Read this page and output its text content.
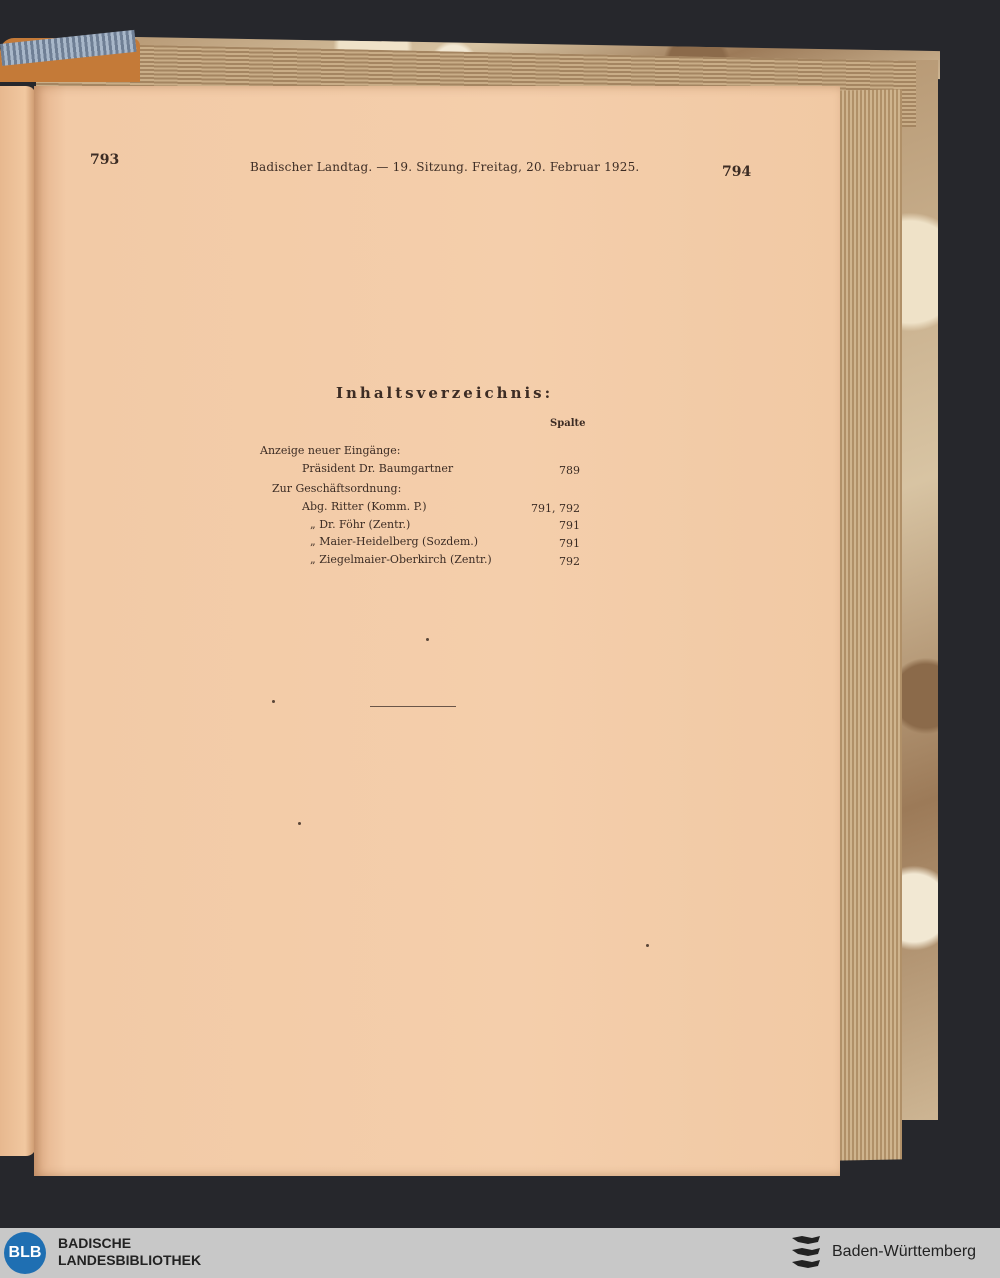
793	Badischer Landtag. — 19. Sitzung. Freitag, 20. Februar 1925.	794
Inhaltsverzeichnis:
Spalte
Anzeige neuer Eingänge:
Präsident Dr. Baumgartner	789
Zur Geschäftsordnung:
Abg. Ritter (Komm. P.)	791, 792
„ Dr. Föhr (Zentr.)	791
„ Maier-Heidelberg (Sozdem.)	791
„ Ziegelmaier-Oberkirch (Zentr.)	792
BLB
BADISCHE
LANDESBIBLIOTHEK	Baden-Württemberg
